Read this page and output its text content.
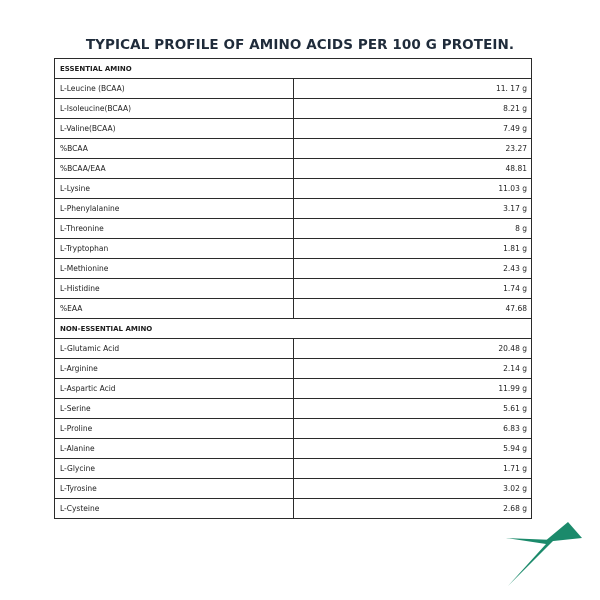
TYPICAL PROFILE OF AMINO ACIDS PER 100 G PROTEIN.
ESSENTIAL AMINO	
L-Leucine (BCAA)	11. 17 g
L-Isoleucine(BCAA)	8.21 g
L-Valine(BCAA)	7.49 g
%BCAA	23.27
%BCAA/EAA	48.81
L-Lysine	11.03 g
L-Phenylalanine	3.17 g
L-Threonine	8 g
L-Tryptophan	1.81 g
L-Methionine	2.43 g
L-Histidine	1.74 g
%EAA	47.68
NON-ESSENTIAL AMINO	
L-Glutamic Acid	20.48 g
L-Arginine	2.14 g
L-Aspartic Acid	11.99 g
L-Serine	5.61 g
L-Proline	6.83 g
L-Alanine	5.94 g
L-Glycine	1.71 g
L-Tyrosine	3.02 g
L-Cysteine	2.68 g
